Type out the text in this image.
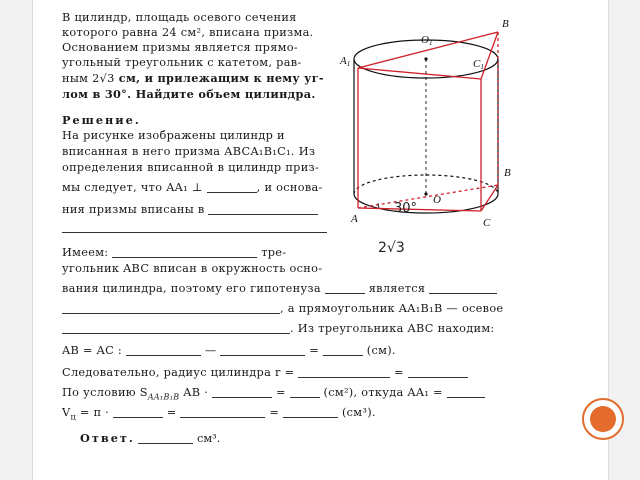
В цилиндр, площадь осевого сечения
которого равна 24 см², вписана призма.
Основанием призмы является прямо-
угольный треугольник с катетом, рав-
ным 2√3 см, и прилежащим к нему уг-
лом в 30°. Найдите объем цилиндра.
Решение.
На рисунке изображены цилиндр и
вписанная в него призма ABCA₁B₁C₁. Из
определения вписанной в цилиндр приз-
мы следует, что AA₁ ⊥	, и основа-
ния призмы вписаны в
Имеем:	тре-
угольник ABC вписан в окружность осно-
вания цилиндра, поэтому его гипотенуза	является
, а прямоугольник AA₁B₁B — осевое
. Из треугольника ABC находим:
AB = AC :	—	=	(см).
Следовательно, радиус цилиндра r =	=
По условию $S_{AA_1B_1B}$ AB ·	=	(см²), откуда AA₁ =
$V_ц = \pi$ ·	=	=	(см³).
Ответ.	см³.
B
O1
A1	C1
B
O
A	C
30°
2√3
